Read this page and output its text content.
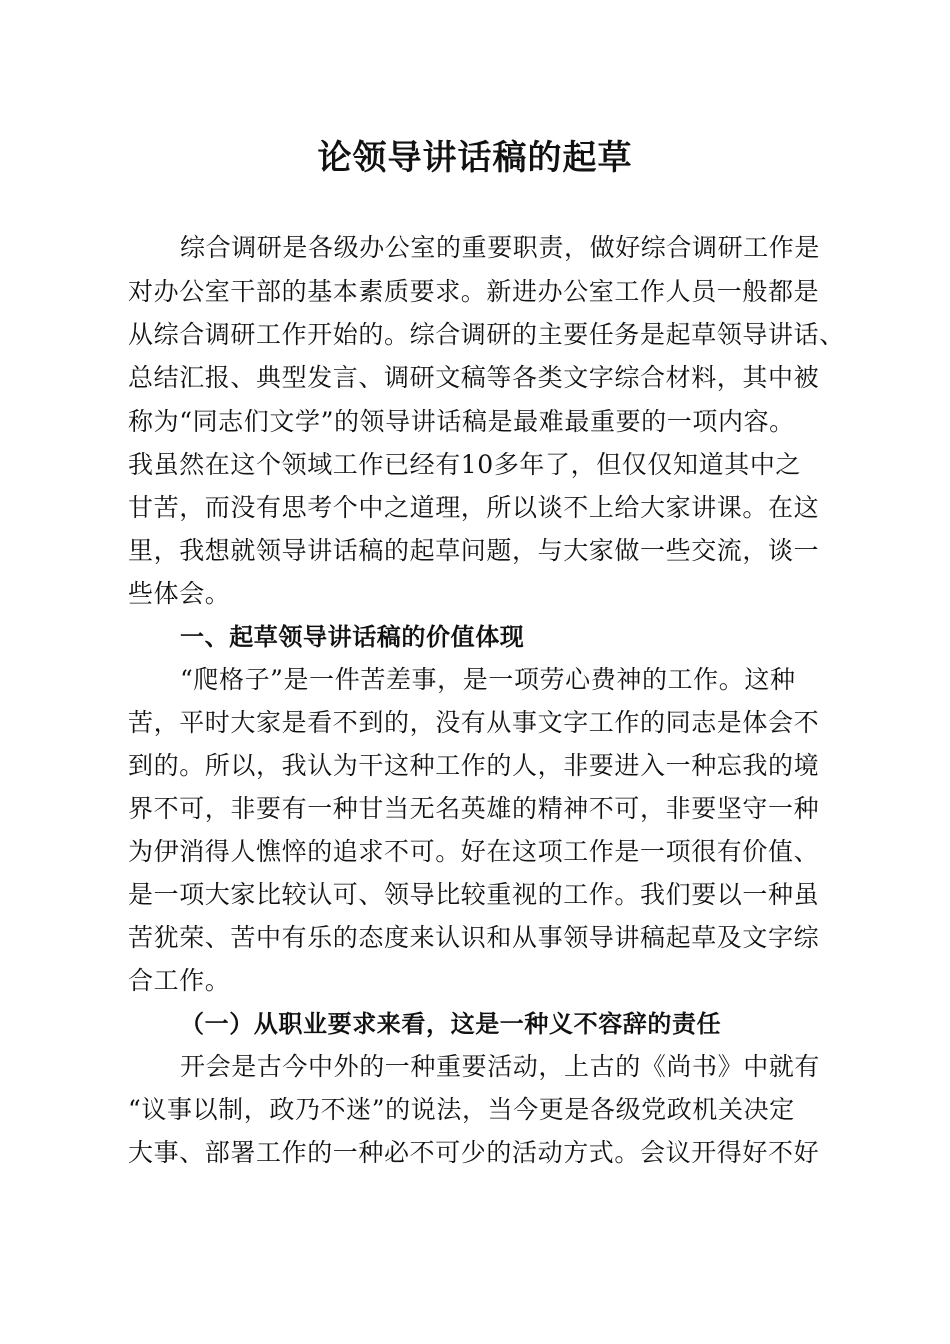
论领导讲话稿的起草
综合调研是各级办公室的重要职责，做好综合调研工作是
对办公室干部的基本素质要求。新进办公室工作人员一般都是
从综合调研工作开始的。综合调研的主要任务是起草领导讲话、
总结汇报、典型发言、调研文稿等各类文字综合材料，其中被
称为“同志们文学”的领导讲话稿是最难最重要的一项内容。
我虽然在这个领域工作已经有10多年了，但仅仅知道其中之
甘苦，而没有思考个中之道理，所以谈不上给大家讲课。在这
里，我想就领导讲话稿的起草问题，与大家做一些交流，谈一
些体会。
一、起草领导讲话稿的价值体现
“爬格子”是一件苦差事，是一项劳心费神的工作。这种
苦，平时大家是看不到的，没有从事文字工作的同志是体会不
到的。所以，我认为干这种工作的人，非要进入一种忘我的境
界不可，非要有一种甘当无名英雄的精神不可，非要坚守一种
为伊消得人憔悴的追求不可。好在这项工作是一项很有价值、
是一项大家比较认可、领导比较重视的工作。我们要以一种虽
苦犹荣、苦中有乐的态度来认识和从事领导讲稿起草及文字综
合工作。
（一）从职业要求来看，这是一种义不容辞的责任
开会是古今中外的一种重要活动，上古的《尚书》中就有
“议事以制，政乃不迷”的说法，当今更是各级党政机关决定
大事、部署工作的一种必不可少的活动方式。会议开得好不好
